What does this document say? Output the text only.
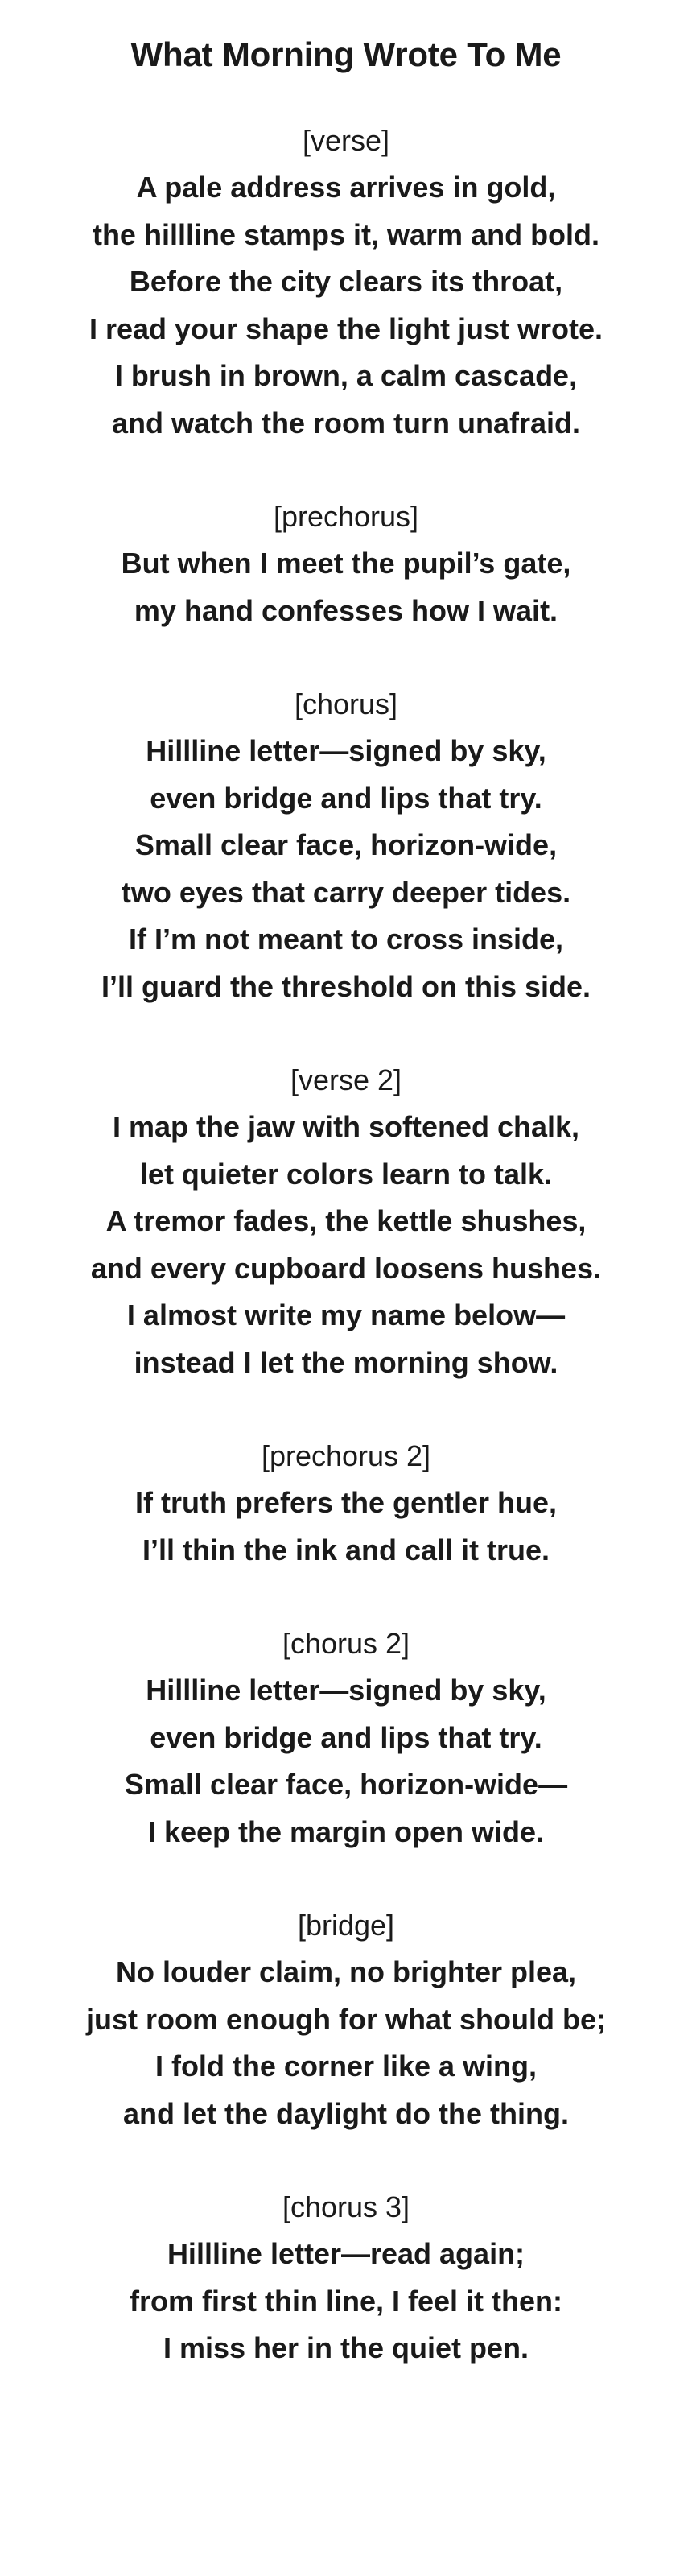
What Morning Wrote To Me
[verse]
A pale address arrives in gold,
the hillline stamps it, warm and bold.
Before the city clears its throat,
I read your shape the light just wrote.
I brush in brown, a calm cascade,
and watch the room turn unafraid.
[prechorus]
But when I meet the pupil’s gate,
my hand confesses how I wait.
[chorus]
Hillline letter—signed by sky,
even bridge and lips that try.
Small clear face, horizon-wide,
two eyes that carry deeper tides.
If I’m not meant to cross inside,
I’ll guard the threshold on this side.
[verse 2]
I map the jaw with softened chalk,
let quieter colors learn to talk.
A tremor fades, the kettle shushes,
and every cupboard loosens hushes.
I almost write my name below—
instead I let the morning show.
[prechorus 2]
If truth prefers the gentler hue,
I’ll thin the ink and call it true.
[chorus 2]
Hillline letter—signed by sky,
even bridge and lips that try.
Small clear face, horizon-wide—
I keep the margin open wide.
[bridge]
No louder claim, no brighter plea,
just room enough for what should be;
I fold the corner like a wing,
and let the daylight do the thing.
[chorus 3]
Hillline letter—read again;
from first thin line, I feel it then:
I miss her in the quiet pen.
